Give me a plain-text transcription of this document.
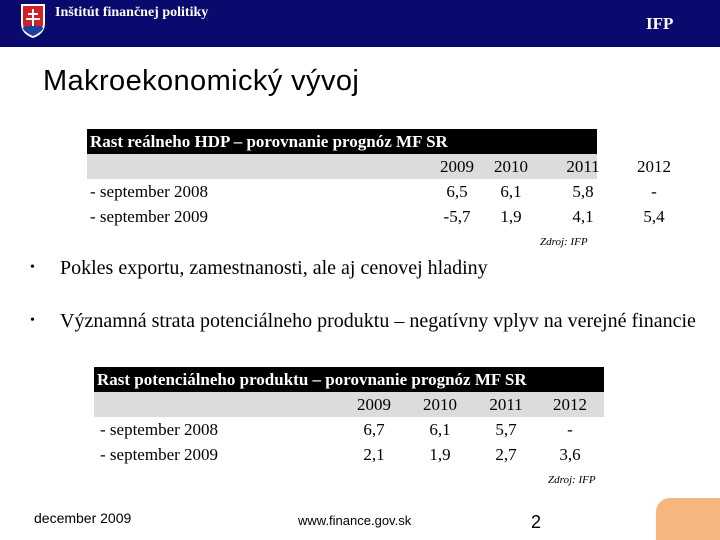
Inštitút finančnej politiky
IFP
Makroekonomický vývoj
Rast reálneho HDP – porovnanie prognóz MF SR
2009	2010	2011	2012
- september 2008	6,5	6,1	5,8	-
- september 2009	-5,7	1,9	4,1	5,4
Zdroj: IFP
•	Pokles exportu, zamestnanosti, ale aj cenovej hladiny
•	Významná strata potenciálneho produktu – negatívny vplyv na verejné financie
Rast potenciálneho produktu – porovnanie prognóz MF SR
2009	2010	2011	2012
- september 2008	6,7	6,1	5,7	-
- september 2009	2,1	1,9	2,7	3,6
Zdroj: IFP
december 2009	www.finance.gov.sk	2
